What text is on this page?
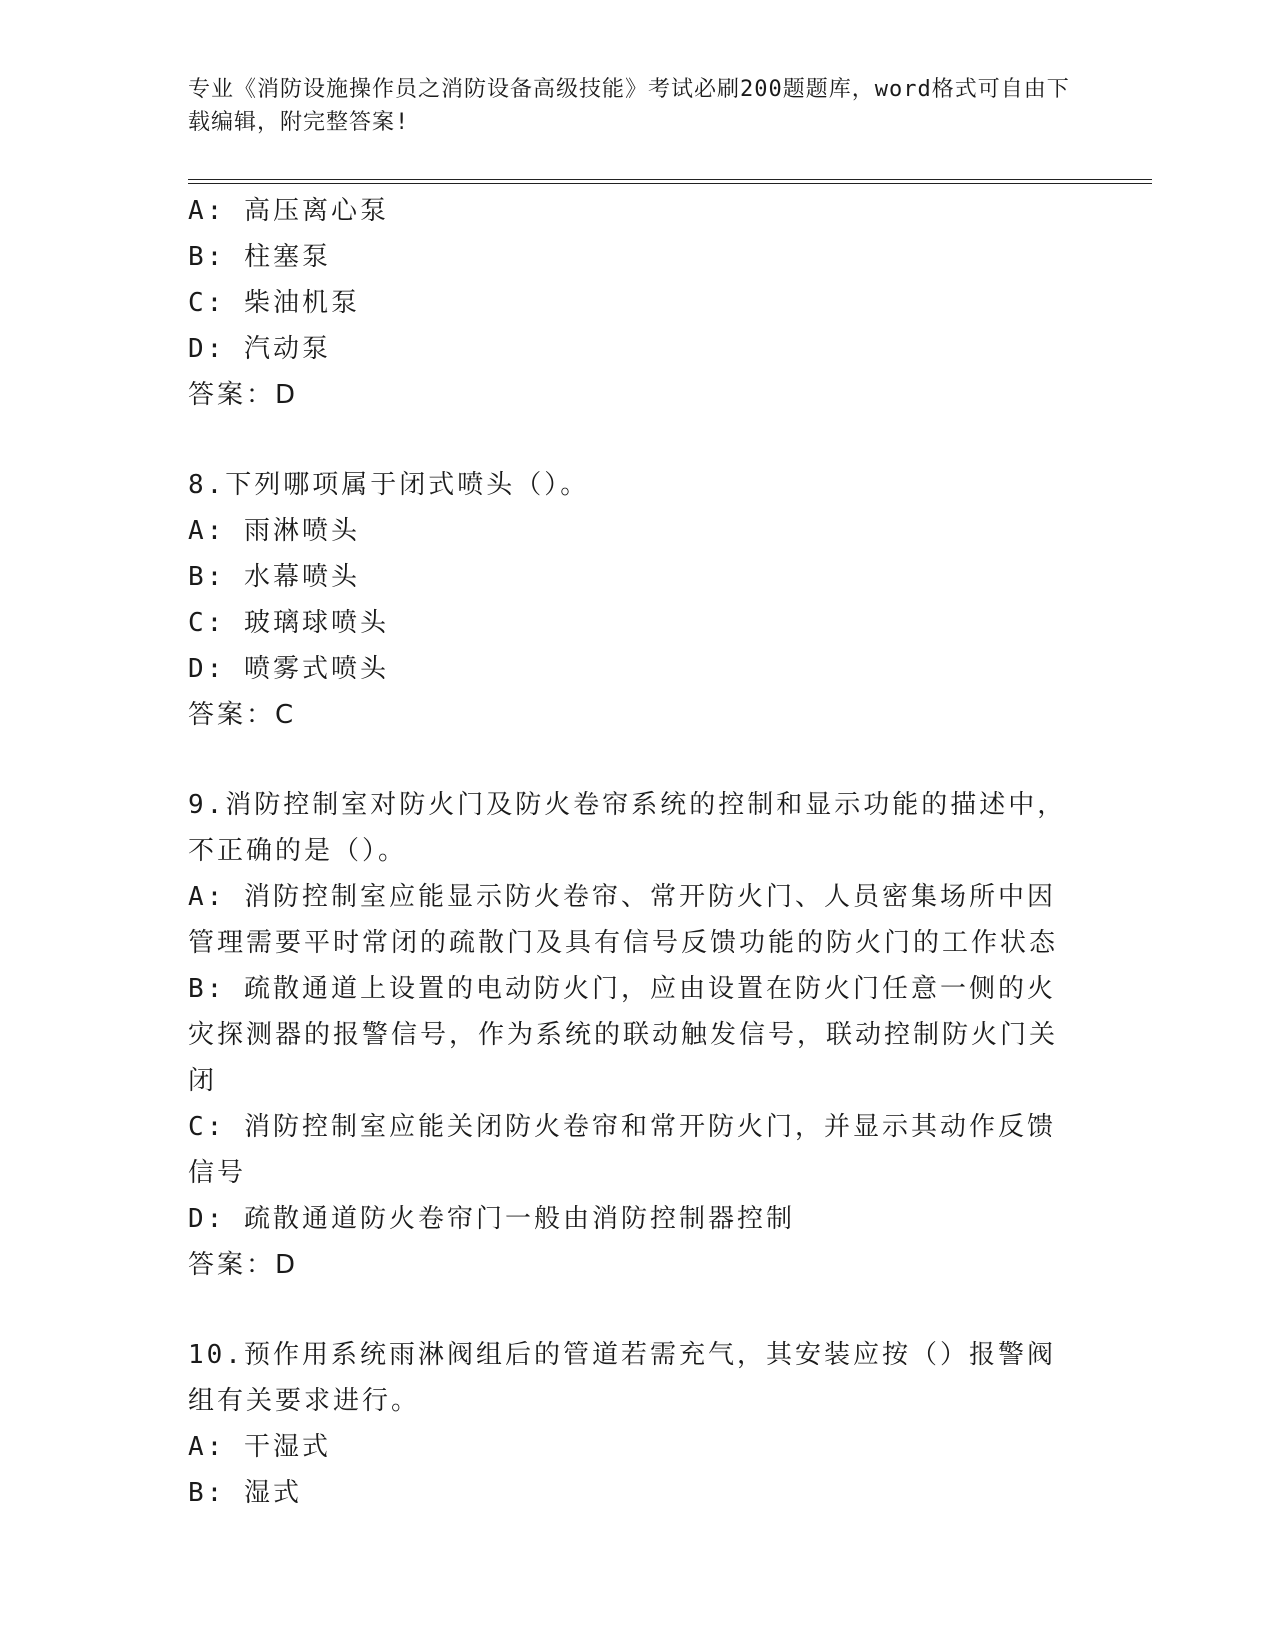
专业《消防设施操作员之消防设备高级技能》考试必刷200题题库，word格式可自由下载编辑，附完整答案!
A: 高压离心泵
B: 柱塞泵
C: 柴油机泵
D: 汽动泵
答案：D
8.下列哪项属于闭式喷头（）。
A: 雨淋喷头
B: 水幕喷头
C: 玻璃球喷头
D: 喷雾式喷头
答案：C
9.消防控制室对防火门及防火卷帘系统的控制和显示功能的描述中，不正确的是（）。
A: 消防控制室应能显示防火卷帘、常开防火门、人员密集场所中因管理需要平时常闭的疏散门及具有信号反馈功能的防火门的工作状态
B: 疏散通道上设置的电动防火门，应由设置在防火门任意一侧的火灾探测器的报警信号，作为系统的联动触发信号，联动控制防火门关闭
C: 消防控制室应能关闭防火卷帘和常开防火门，并显示其动作反馈信号
D: 疏散通道防火卷帘门一般由消防控制器控制
答案：D
10.预作用系统雨淋阀组后的管道若需充气，其安装应按（）报警阀组有关要求进行。
A: 干湿式
B: 湿式
